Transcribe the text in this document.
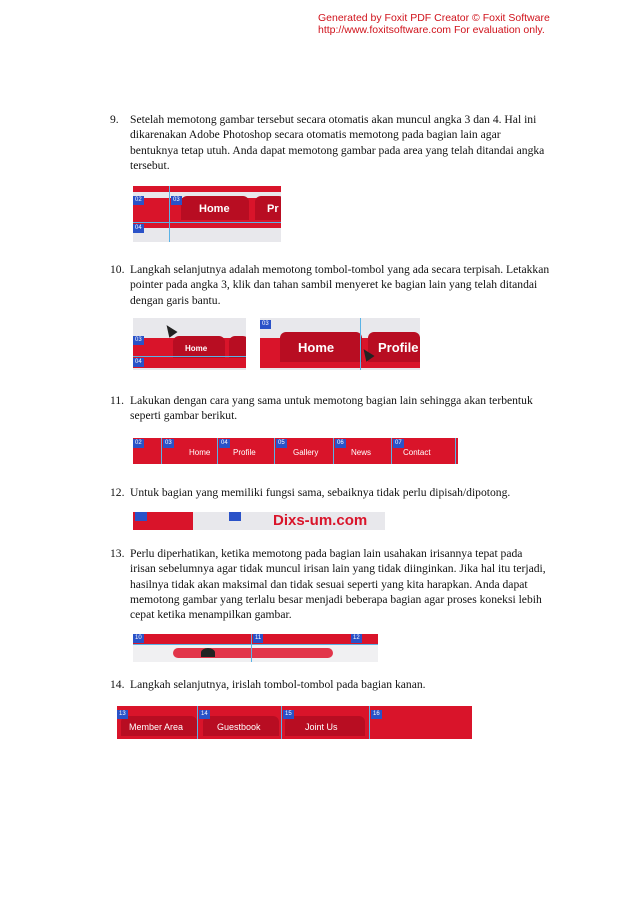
Generated by Foxit PDF Creator © Foxit Software
http://www.foxitsoftware.com For evaluation only.
9. Setelah memotong gambar tersebut secara otomatis akan muncul angka 3 dan 4. Hal ini dikarenakan Adobe Photoshop secara otomatis memotong pada bagian lain agar bentuknya tetap utuh. Anda dapat memotong gambar pada area yang telah ditandai angka tersebut.
02	03
04
Home	Pr
10. Langkah selanjutnya adalah memotong tombol-tombol yang ada secara terpisah. Letakkan pointer pada angka 3, klik dan tahan sambil menyeret ke bagian lain yang telah ditandai dengan garis bantu.
03
04
Home
03
Home	Profile
11. Lakukan dengan cara yang sama untuk memotong bagian lain sehingga akan terbentuk seperti gambar berikut.
02	03	04	05	06	07
Home	Profile	Gallery	News	Contact
12. Untuk bagian yang memiliki fungsi sama, sebaiknya tidak perlu dipisah/dipotong.
Dixs-um.com
13. Perlu diperhatikan, ketika memotong pada bagian lain usahakan irisannya tepat pada irisan sebelumnya agar tidak muncul irisan lain yang tidak diinginkan. Jika hal itu terjadi, hasilnya tidak akan maksimal dan tidak sesuai seperti yang kita harapkan. Anda dapat memotong gambar yang terlalu besar menjadi beberapa bagian agar proses koneksi lebih cepat ketika menampilkan gambar.
10	11	12
14. Langkah selanjutnya, irislah tombol-tombol pada bagian kanan.
13	14	15	16
Member Area	Guestbook	Joint Us
